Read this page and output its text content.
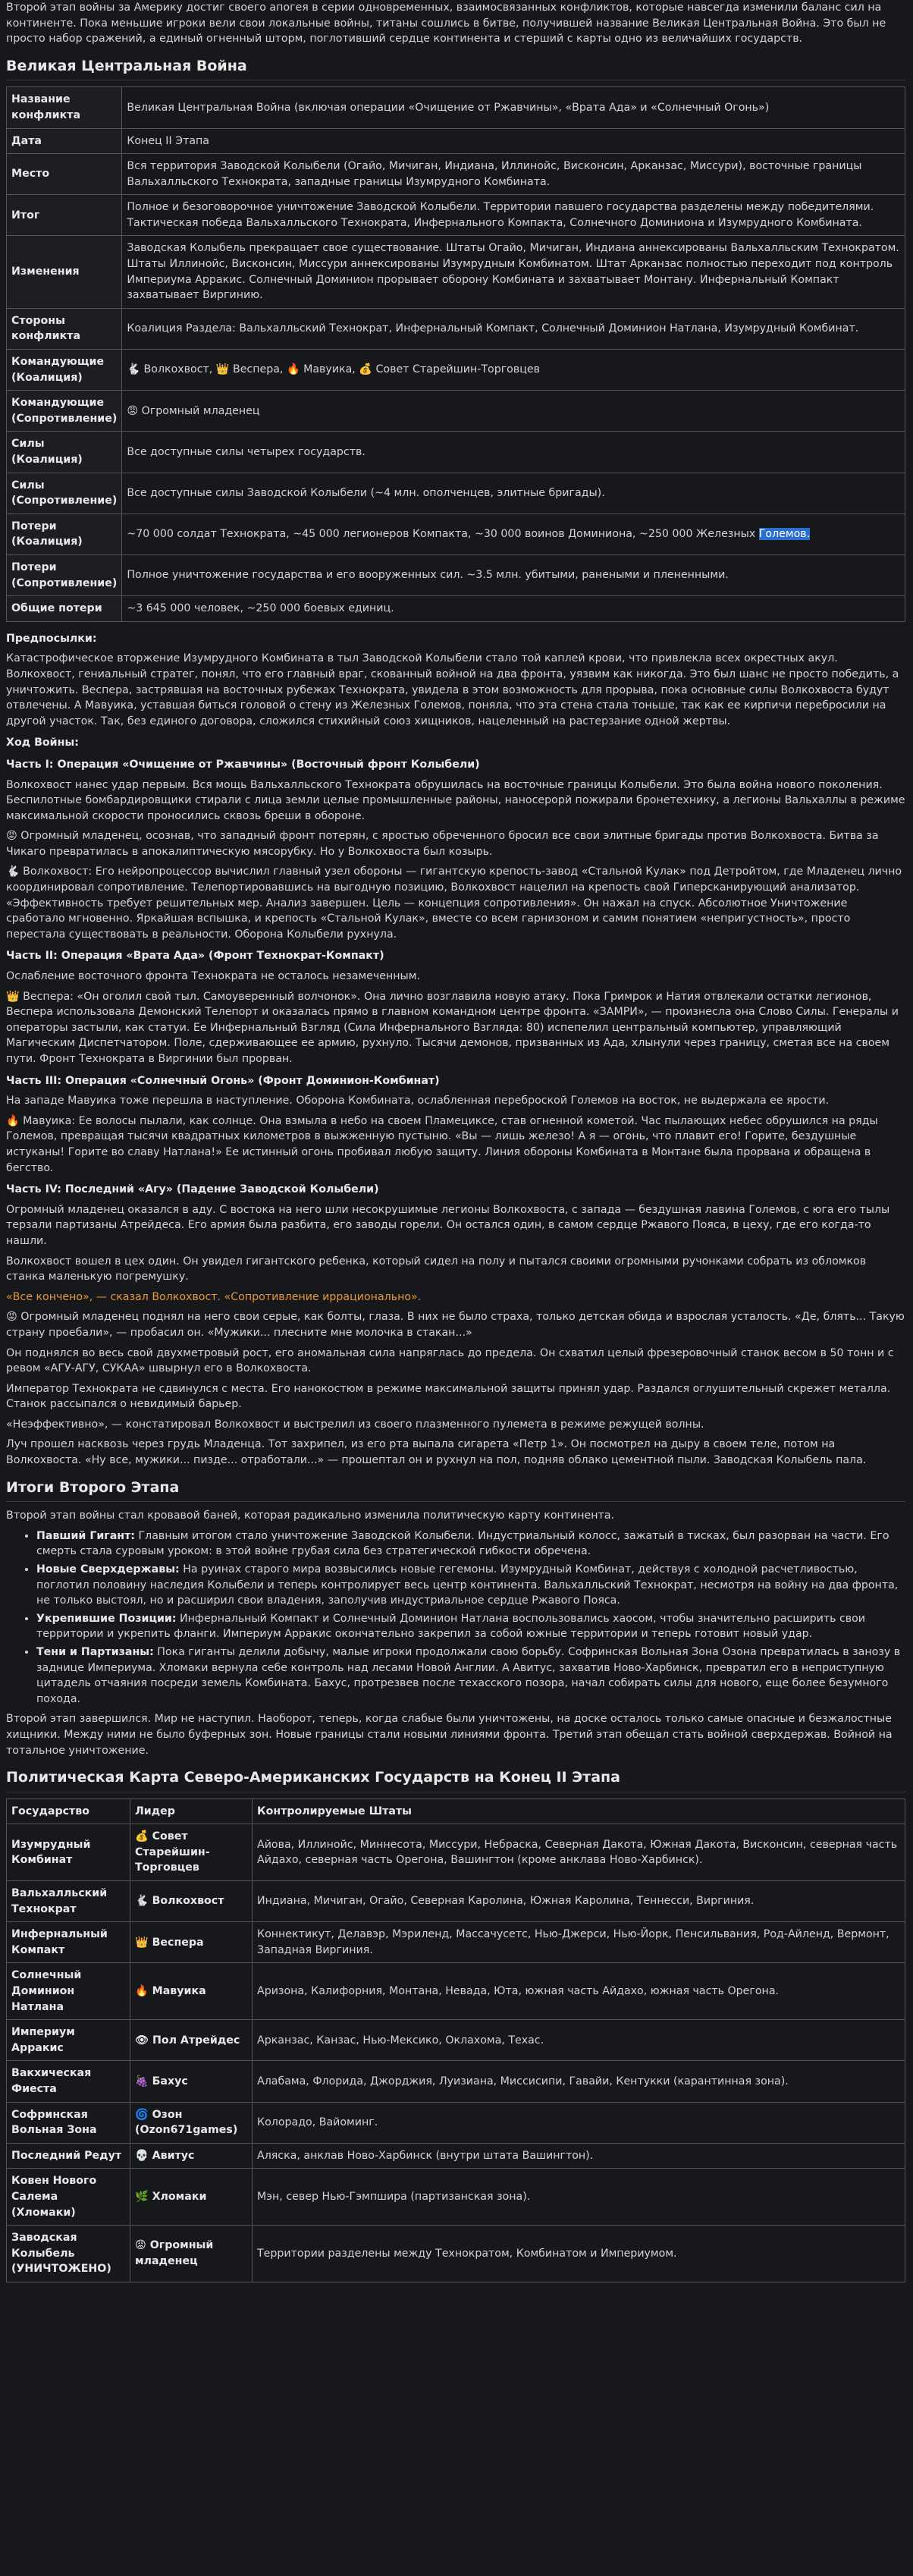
Второй этап войны за Америку достиг своего апогея в серии одновременных, взаимосвязанных конфликтов, которые навсегда изменили баланс сил на континенте. Пока меньшие игроки вели свои локальные войны, титаны сошлись в битве, получившей название Великая Центральная Война. Это был не просто набор сражений, а единый огненный шторм, поглотивший сердце континента и стерший с карты одно из величайших государств.

Великая Центральная Война
Название конфликта	Великая Центральная Война (включая операции «Очищение от Ржавчины», «Врата Ада» и «Солнечный Огонь»)
Дата	Конец II Этапа
Место	Вся территория Заводской Колыбели (Огайо, Мичиган, Индиана, Иллинойс, Висконсин, Арканзас, Миссури), восточные границы Вальхалльского Технократа, западные границы Изумрудного Комбината.
Итог	Полное и безоговорочное уничтожение Заводской Колыбели. Территории павшего государства разделены между победителями. Тактическая победа Вальхалльского Технократа, Инфернального Компакта, Солнечного Доминиона и Изумрудного Комбината.
Изменения	Заводская Колыбель прекращает свое существование. Штаты Огайо, Мичиган, Индиана аннексированы Вальхалльским Технократом. Штаты Иллинойс, Висконсин, Миссури аннексированы Изумрудным Комбинатом. Штат Арканзас полностью переходит под контроль Империума Арракис. Солнечный Доминион прорывает оборону Комбината и захватывает Монтану. Инфернальный Компакт захватывает Виргинию.
Стороны конфликта	Коалиция Раздела: Вальхалльский Технократ, Инфернальный Компакт, Солнечный Доминион Натлана, Изумрудный Комбинат.
Командующие (Коалиция)	🐇 Волкохвост, 👑 Веспера, 🔥 Мавуика, 💰 Совет Старейшин-Торговцев
Командующие (Сопротивление)	😡 Огромный младенец
Силы (Коалиция)	Все доступные силы четырех государств.
Силы (Сопротивление)	Все доступные силы Заводской Колыбели (~4 млн. ополченцев, элитные бригады).
Потери (Коалиция)	~70 000 солдат Технократа, ~45 000 легионеров Компакта, ~30 000 воинов Доминиона, ~250 000 Железных Големов.
Потери (Сопротивление)	Полное уничтожение государства и его вооруженных сил. ~3.5 млн. убитыми, ранеными и плененными.
Общие потери	~3 645 000 человек, ~250 000 боевых единиц.

Предпосылки:

Катастрофическое вторжение Изумрудного Комбината в тыл Заводской Колыбели стало той каплей крови, что привлекла всех окрестных акул. Волкохвост, гениальный стратег, понял, что его главный враг, скованный войной на два фронта, уязвим как никогда. Это был шанс не просто победить, а уничтожить. Веспера, застрявшая на восточных рубежах Технократа, увидела в этом возможность для прорыва, пока основные силы Волкохвоста будут отвлечены. А Мавуика, уставшая биться головой о стену из Железных Големов, поняла, что эта стена стала тоньше, так как ее кирпичи перебросили на другой участок. Так, без единого договора, сложился стихийный союз хищников, нацеленный на растерзание одной жертвы.

Ход Войны:

Часть I: Операция «Очищение от Ржавчины» (Восточный фронт Колыбели)

Волкохвост нанес удар первым. Вся мощь Вальхалльского Технократа обрушилась на восточные границы Колыбели. Это была война нового поколения. Беспилотные бомбардировщики стирали с лица земли целые промышленные районы, наносерорй пожирали бронетехнику, а легионы Вальхаллы в режиме максимальной скорости проносились сквозь бреши в обороне.

😡 Огромный младенец, осознав, что западный фронт потерян, с яростью обреченного бросил все свои элитные бригады против Волкохвоста. Битва за Чикаго превратилась в апокалиптическую мясорубку. Но у Волкохвоста был козырь.

🐇 Волкохвост: Его нейропроцессор вычислил главный узел обороны — гигантскую крепость-завод «Стальной Кулак» под Детройтом, где Младенец лично координировал сопротивление. Телепортировавшись на выгодную позицию, Волкохвост нацелил на крепость свой Гиперсканирующий анализатор. «Эффективность требует решительных мер. Анализ завершен. Цель — концепция сопротивления». Он нажал на спуск. Абсолютное Уничтожение сработало мгновенно. Яркайшая вспышка, и крепость «Стальной Кулак», вместе со всем гарнизоном и самим понятием «непригустность», просто перестала существовать в реальности. Оборона Колыбели рухнула.

Часть II: Операция «Врата Ада» (Фронт Технократ-Компакт)

Ослабление восточного фронта Технократа не осталось незамеченным.

👑 Веспера: «Он оголил свой тыл. Самоуверенный волчонок». Она лично возглавила новую атаку. Пока Гримрок и Натия отвлекали остатки легионов, Веспера использовала Демонский Телепорт и оказалась прямо в главном командном центре фронта. «ЗАМРИ», — произнесла она Слово Силы. Генералы и операторы застыли, как статуи. Ее Инфернальный Взгляд (Сила Инфернального Взгляда: 80) испепелил центральный компьютер, управляющий Магическим Диспетчатором. Поле, сдерживающее ее армию, рухнуло. Тысячи демонов, призванных из Ада, хлынули через границу, сметая все на своем пути. Фронт Технократа в Виргинии был прорван.

Часть III: Операция «Солнечный Огонь» (Фронт Доминион-Комбинат)

На западе Мавуика тоже перешла в наступление. Оборона Комбината, ослабленная переброской Големов на восток, не выдержала ее ярости.

🔥 Мавуика: Ее волосы пылали, как солнце. Она взмыла в небо на своем Пламециксе, став огненной кометой. Час пылающих небес обрушился на ряды Големов, превращая тысячи квадратных километров в выжженную пустыню. «Вы — лишь железо! А я — огонь, что плавит его! Горите, бездушные истуканы! Горите во славу Натлана!» Ее истинный огонь пробивал любую защиту. Линия обороны Комбината в Монтане была прорвана и обращена в бегство.

Часть IV: Последний «Агу» (Падение Заводской Колыбели)

Огромный младенец оказался в аду. С востока на него шли несокрушимые легионы Волкохвоста, с запада — бездушная лавина Големов, с юга его тылы терзали партизаны Атрейдеса. Его армия была разбита, его заводы горели. Он остался один, в самом сердце Ржавого Пояса, в цеху, где его когда-то нашли.

Волкохвост вошел в цех один. Он увидел гигантского ребенка, который сидел на полу и пытался своими огромными ручонками собрать из обломков станка маленькую погремушку.

«Все кончено», — сказал Волкохвост. «Сопротивление иррационально».

😡 Огромный младенец поднял на него свои серые, как болты, глаза. В них не было страха, только детская обида и взрослая усталость. «Де, блять... Такую страну проебали», — пробасил он. «Мужики... плесните мне молочка в стакан...»

Он поднялся во весь свой двухметровый рост, его аномальная сила напряглась до предела. Он схватил целый фрезеровочный станок весом в 50 тонн и с ревом «АГУ-АГУ, СУКАА» швырнул его в Волкохвоста.

Император Технократа не сдвинулся с места. Его нанокостюм в режиме максимальной защиты принял удар. Раздался оглушительный скрежет металла. Станок рассыпался о невидимый барьер.

«Неэффективно», — констатировал Волкохвост и выстрелил из своего плазменного пулемета в режиме режущей волны.

Луч прошел насквозь через грудь Младенца. Тот захрипел, из его рта выпала сигарета «Петр 1». Он посмотрел на дыру в своем теле, потом на Волкохвоста. «Ну все, мужики... пизде... отработали...» — прошептал он и рухнул на пол, подняв облако цементной пыли. Заводская Колыбель пала.

Итоги Второго Этапа

Второй этап войны стал кровавой баней, которая радикально изменила политическую карту континента.

• Павший Гигант: Главным итогом стало уничтожение Заводской Колыбели. Индустриальный колосс, зажатый в тисках, был разорван на части. Его смерть стала суровым уроком: в этой войне грубая сила без стратегической гибкости обречена.
• Новые Сверхдержавы: На руинах старого мира возвысились новые гегемоны. Изумрудный Комбинат, действуя с холодной расчетливостью, поглотил половину наследия Колыбели и теперь контролирует весь центр континента. Вальхалльский Технократ, несмотря на войну на два фронта, не только выстоял, но и расширил свои владения, заполучив индустриальное сердце Ржавого Пояса.
• Укрепившие Позиции: Инфернальный Компакт и Солнечный Доминион Натлана воспользовались хаосом, чтобы значительно расширить свои территории и укрепить фланги. Империум Арракис окончательно закрепил за собой южные территории и теперь готовит новый удар.
• Тени и Партизаны: Пока гиганты делили добычу, малые игроки продолжали свою борьбу. Софринская Вольная Зона Озона превратилась в занозу в заднице Империума. Хломаки вернула себе контроль над лесами Новой Англии. А Авитус, захватив Ново-Харбинск, превратил его в неприступную цитадель отчаяния посреди земель Комбината. Бахус, протрезвев после техасского позора, начал собирать силы для нового, еще более безумного похода.

Второй этап завершился. Мир не наступил. Наоборот, теперь, когда слабые были уничтожены, на доске осталось только самые опасные и безжалостные хищники. Между ними не было буферных зон. Новые границы стали новыми линиями фронта. Третий этап обещал стать войной сверхдержав. Войной на тотальное уничтожение.

Политическая Карта Северо-Американских Государств на Конец II Этапа
Государство	Лидер	Контролируемые Штаты
Изумрудный Комбинат	💰 Совет Старейшин-Торговцев	Айова, Иллинойс, Миннесота, Миссури, Небраска, Северная Дакота, Южная Дакота, Висконсин, северная часть Айдахо, северная часть Орегона, Вашингтон (кроме анклава Ново-Харбинск).
Вальхалльский Технократ	🐇 Волкохвост	Индиана, Мичиган, Огайо, Северная Каролина, Южная Каролина, Теннесси, Виргиния.
Инфернальный Компакт	👑 Веспера	Коннектикут, Делавэр, Мэриленд, Массачусетс, Нью-Джерси, Нью-Йорк, Пенсильвания, Род-Айленд, Вермонт, Западная Виргиния.
Солнечный Доминион Натлана	🔥 Мавуика	Аризона, Калифорния, Монтана, Невада, Юта, южная часть Айдахо, южная часть Орегона.
Империум Арракис	👁 Пол Атрейдес	Арканзас, Канзас, Нью-Мексико, Оклахома, Техас.
Вакхическая Фиеста	🍇 Бахус	Алабама, Флорида, Джорджия, Луизиана, Миссисипи, Гавайи, Кентукки (карантинная зона).
Софринская Вольная Зона	🌀 Озон (Ozon671games)	Колорадо, Вайоминг.
Последний Редут	💀 Авитус	Аляска, анклав Ново-Харбинск (внутри штата Вашингтон).
Ковен Нового Салема (Хломаки)	🌿 Хломаки	Мэн, север Нью-Гэмпшира (партизанская зона).
Заводская Колыбель (УНИЧТОЖЕНО)	😡 Огромный младенец	Территории разделены между Технократом, Комбинатом и Империумом.
